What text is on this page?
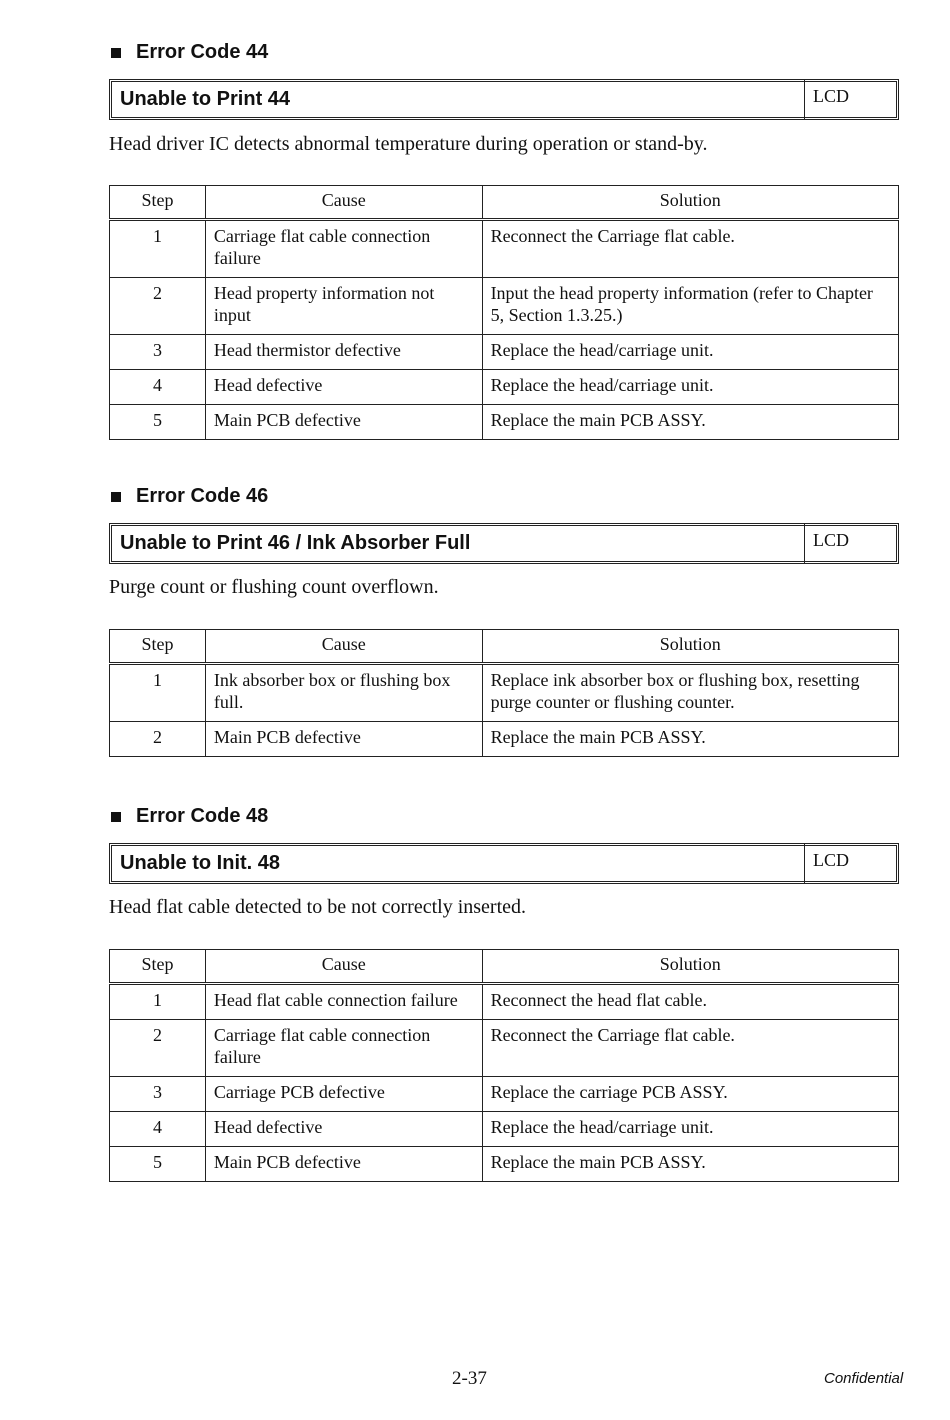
Error Code 44
Unable to Print 44	LCD
Head driver IC detects abnormal temperature during operation or stand-by.
Step	Cause	Solution
1	Carriage flat cable connection failure	Reconnect the Carriage flat cable.
2	Head property information not input	Input the head property information (refer to Chapter 5, Section 1.3.25.)
3	Head thermistor defective	Replace the head/carriage unit.
4	Head defective	Replace the head/carriage unit.
5	Main PCB defective	Replace the main PCB ASSY.
Error Code 46
Unable to Print 46 / Ink Absorber Full	LCD
Purge count or flushing count overflown.
Step	Cause	Solution
1	Ink absorber box or flushing box full.	Replace ink absorber box or flushing box, resetting purge counter or flushing counter.
2	Main PCB defective	Replace the main PCB ASSY.
Error Code 48
Unable to Init. 48	LCD
Head flat cable detected to be not correctly inserted.
Step	Cause	Solution
1	Head flat cable connection failure	Reconnect the head flat cable.
2	Carriage flat cable connection failure	Reconnect the Carriage flat cable.
3	Carriage PCB defective	Replace the carriage PCB ASSY.
4	Head defective	Replace the head/carriage unit.
5	Main PCB defective	Replace the main PCB ASSY.
2-37	Confidential
